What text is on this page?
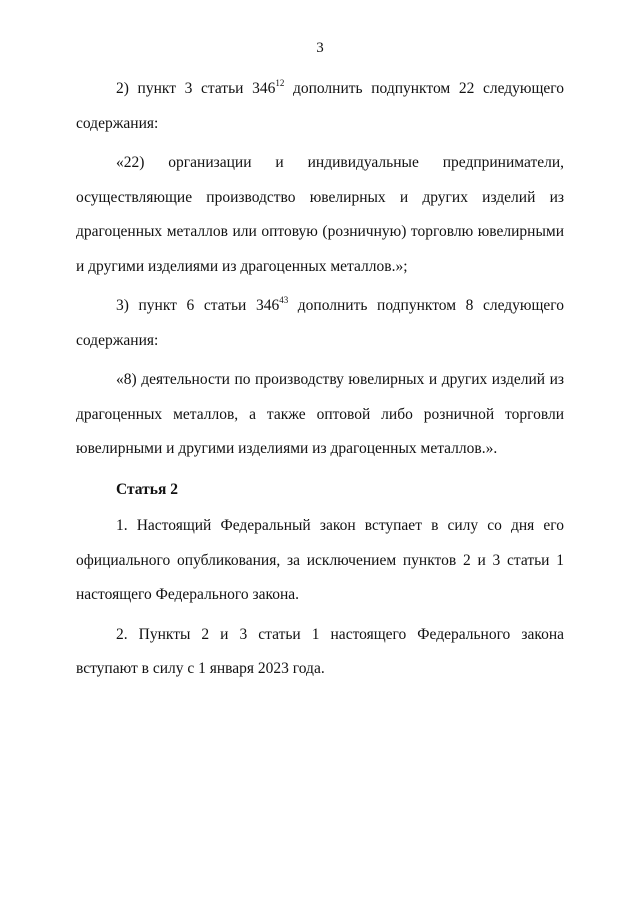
3

2) пункт 3 статьи $346^{12}$ дополнить подпунктом 22 следующего содержания:

«22) организации и индивидуальные предприниматели, осуществляющие производство ювелирных и других изделий из драгоценных металлов или оптовую (розничную) торговлю ювелирными и другими изделиями из драгоценных металлов.»;

3) пункт 6 статьи $346^{43}$ дополнить подпунктом 8 следующего содержания:

«8) деятельности по производству ювелирных и других изделий из драгоценных металлов, а также оптовой либо розничной торговли ювелирными и другими изделиями из драгоценных металлов.».

Статья 2

1. Настоящий Федеральный закон вступает в силу со дня его официального опубликования, за исключением пунктов 2 и 3 статьи 1 настоящего Федерального закона.

2. Пункты 2 и 3 статьи 1 настоящего Федерального закона вступают в силу с 1 января 2023 года.
